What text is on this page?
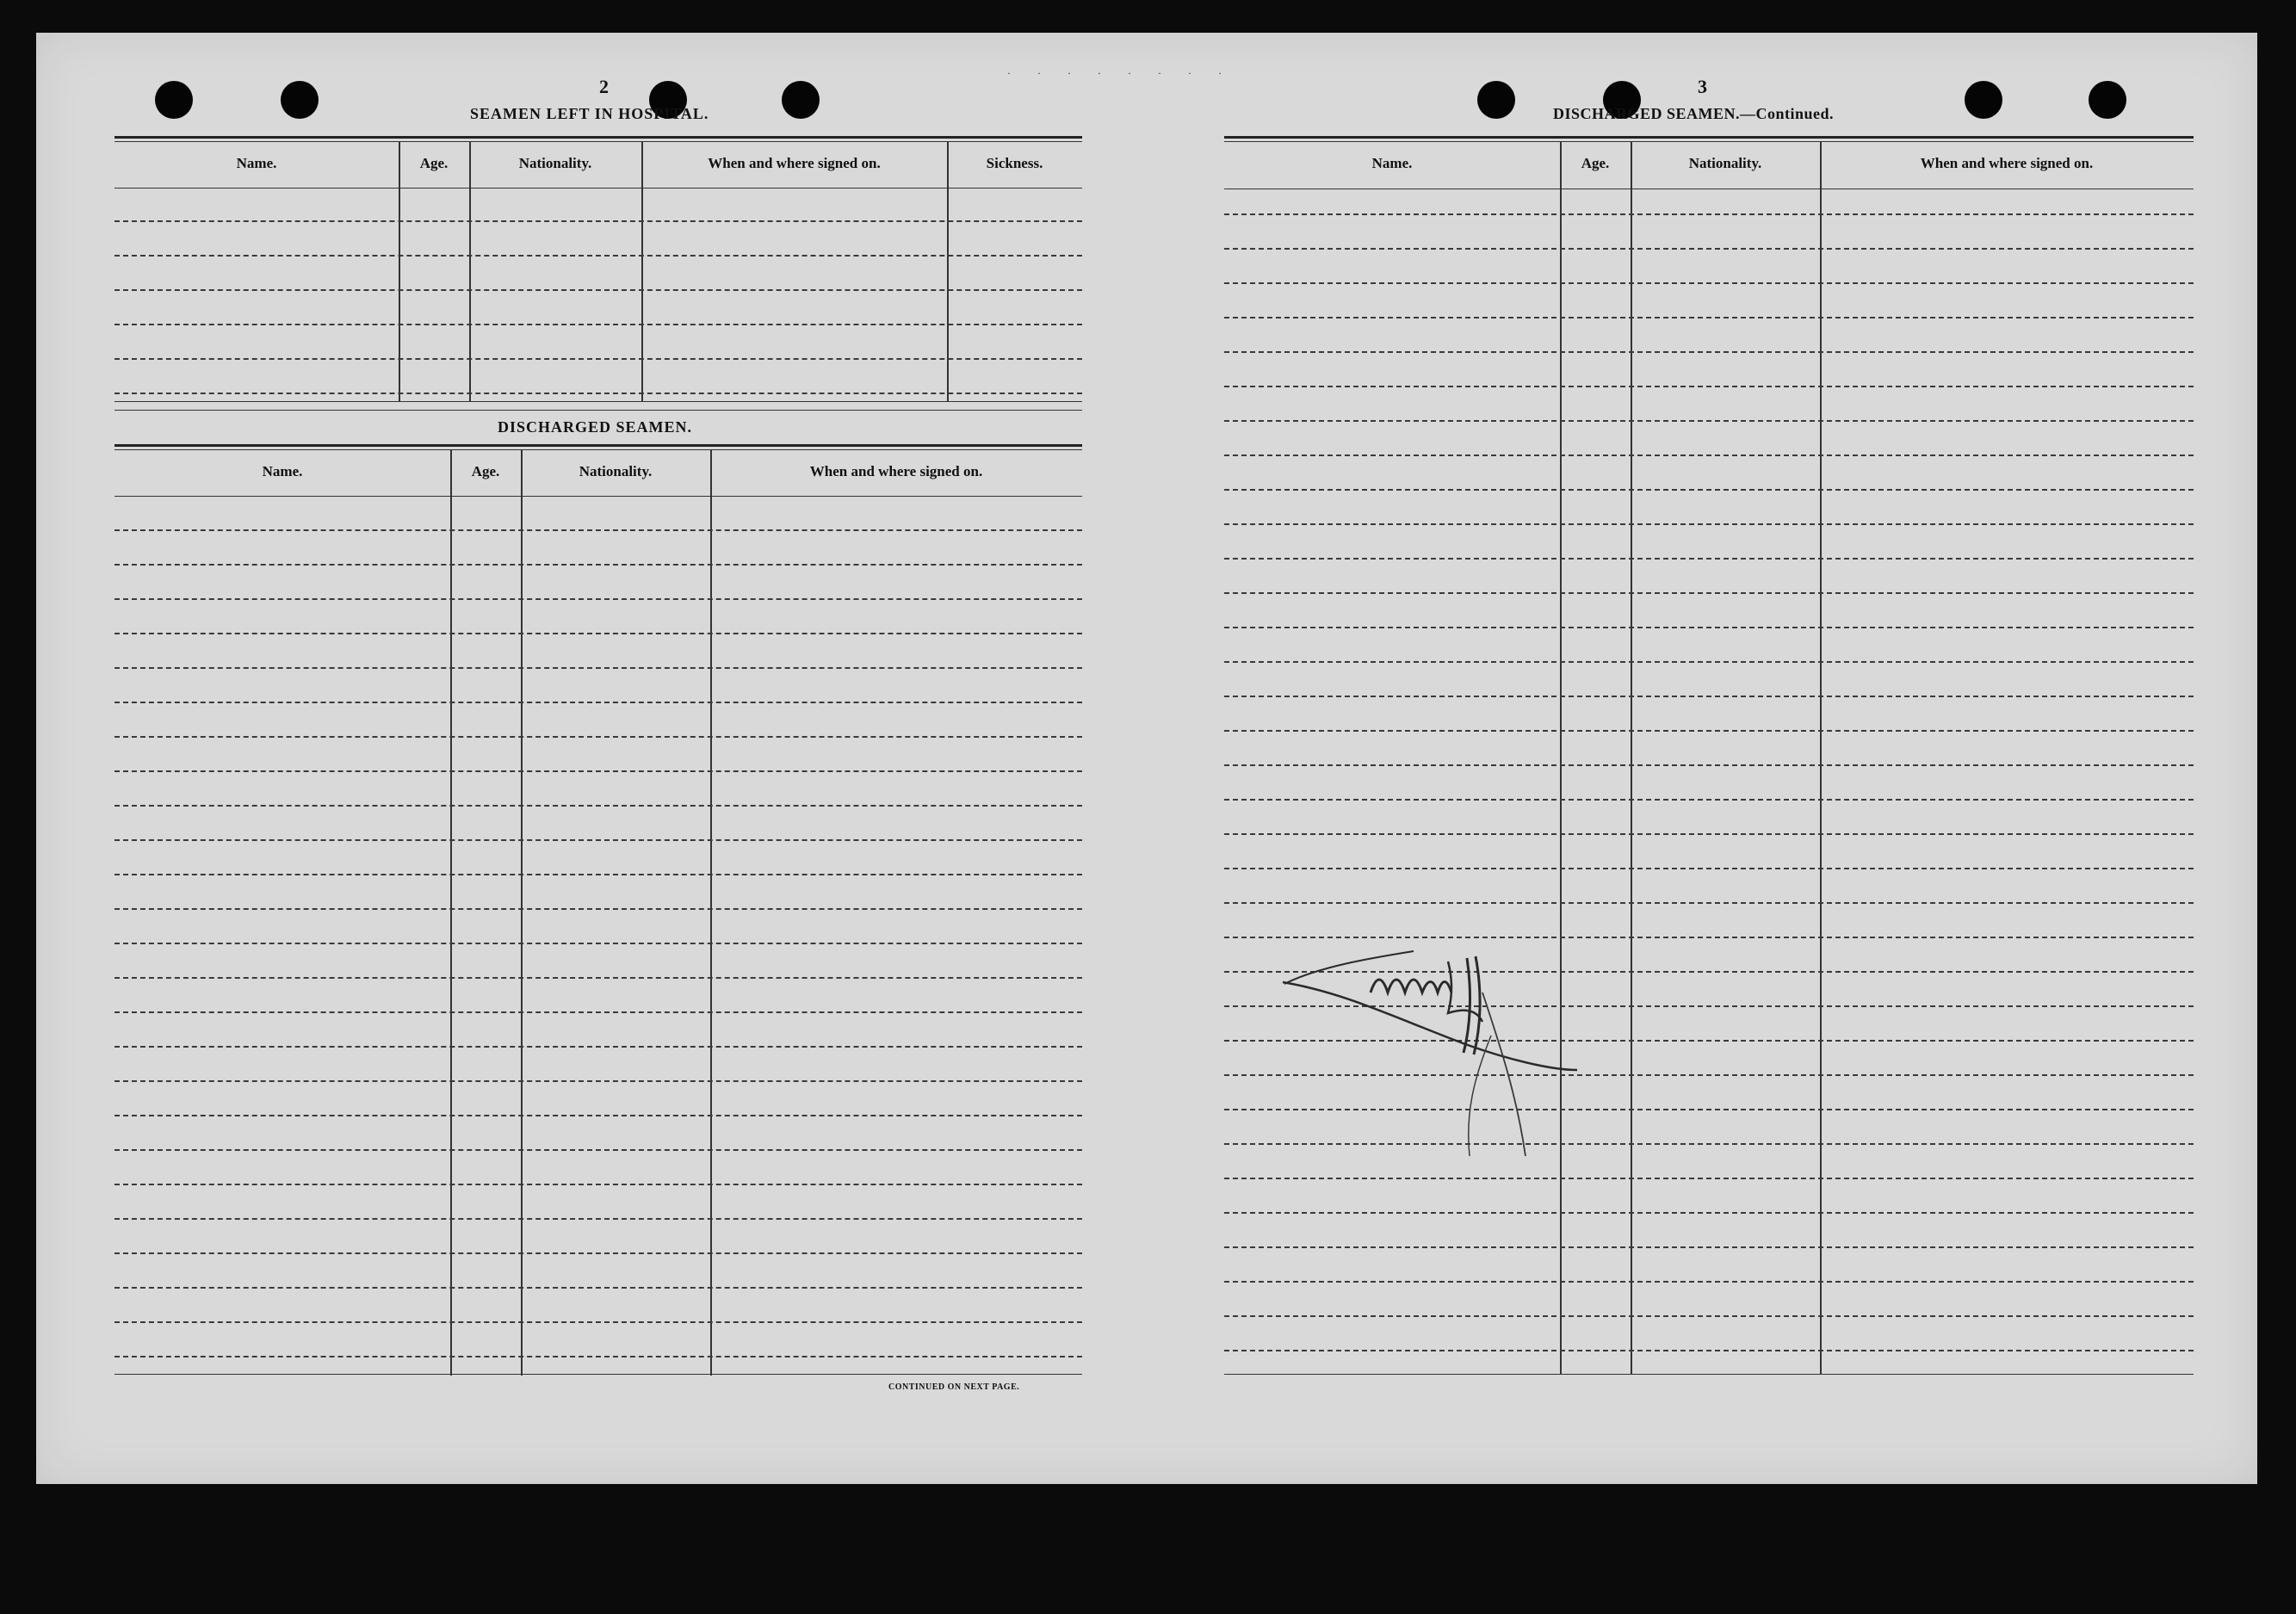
· · · · · · · ·
2
SEAMEN LEFT IN HOSPITAL.
Name.	Age.	Nationality.	When and where signed on.	Sickness.
DISCHARGED SEAMEN.
Name.	Age.	Nationality.	When and where signed on.
CONTINUED ON NEXT PAGE.
3
DISCHARGED SEAMEN.—Continued.
Name.	Age.	Nationality.	When and where signed on.
